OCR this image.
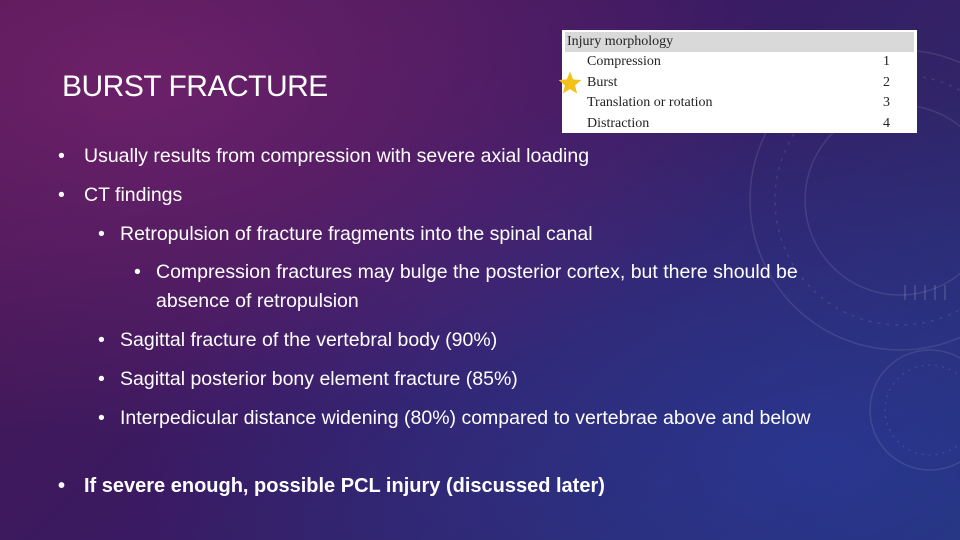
BURST FRACTURE
Injury morphology
Compression	1
Burst	2
Translation or rotation	3
Distraction	4
• Usually results from compression with severe axial loading
• CT findings
• Retropulsion of fracture fragments into the spinal canal
• Compression fractures may bulge the posterior cortex, but there should be absence of retropulsion
• Sagittal fracture of the vertebral body (90%)
• Sagittal posterior bony element fracture (85%)
• Interpedicular distance widening (80%) compared to vertebrae above and below
• If severe enough, possible PCL injury (discussed later)
